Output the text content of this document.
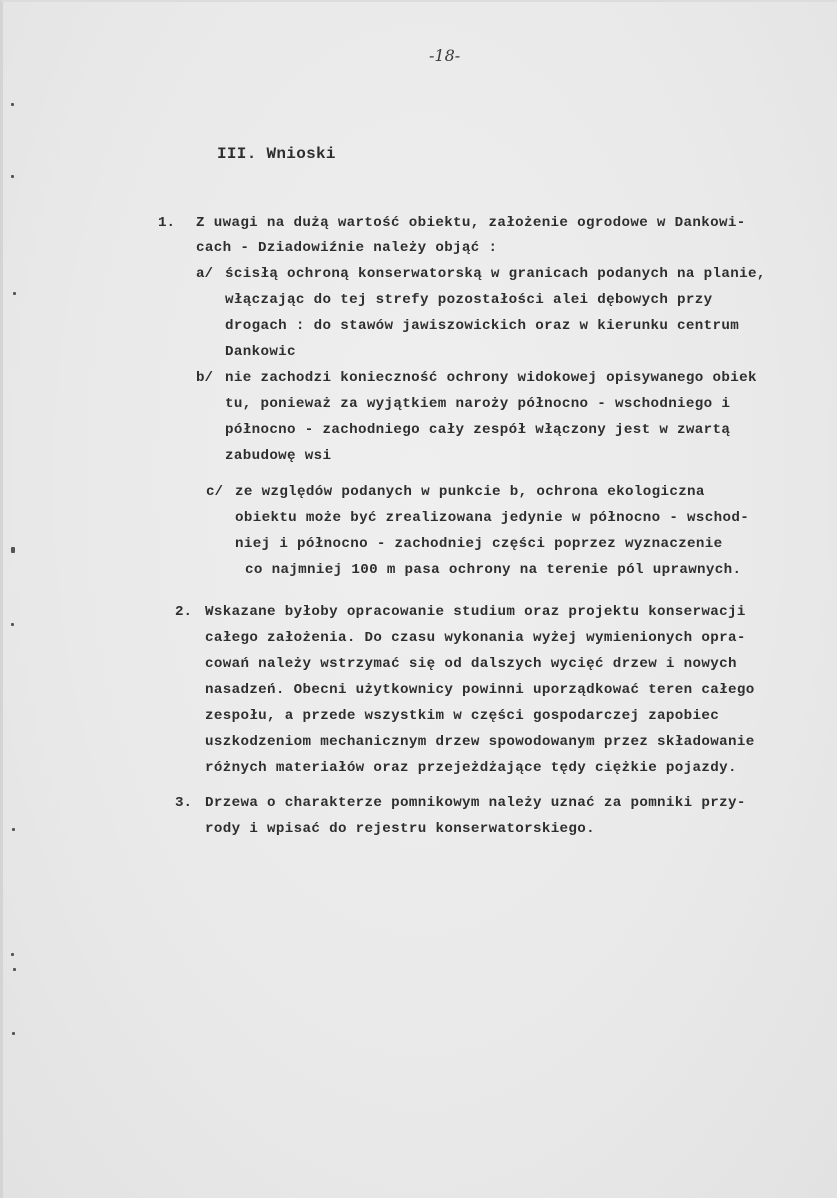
-18-
III. Wnioski
1. Z uwagi na dużą wartość obiektu, założenie ogrodowe w Dankowi-
cach - Dziadowiźnie należy objąć :
a/ ścisłą ochroną konserwatorską w granicach podanych na planie,
włączając do tej strefy pozostałości alei dębowych przy
drogach : do stawów jawiszowickich oraz w kierunku centrum
Dankowic
b/ nie zachodzi konieczność ochrony widokowej opisywanego obiek
tu, ponieważ za wyjątkiem naroży północno - wschodniego i
północno - zachodniego cały zespół włączony jest w zwartą
zabudowę wsi
c/ ze względów podanych w punkcie b, ochrona ekologiczna
obiektu może być zrealizowana jedynie w północno - wschod-
niej i północno - zachodniej części poprzez wyznaczenie
co najmniej 100 m pasa ochrony na terenie pól uprawnych.
2. Wskazane byłoby opracowanie studium oraz projektu konserwacji
całego założenia. Do czasu wykonania wyżej wymienionych opra-
cowań należy wstrzymać się od dalszych wycięć drzew i nowych
nasadzeń. Obecni użytkownicy powinni uporządkować teren całego
zespołu, a przede wszystkim w części gospodarczej zapobiec
uszkodzeniom mechanicznym drzew spowodowanym przez składowanie
różnych materiałów oraz przejeżdżające tędy ciężkie pojazdy.
3. Drzewa o charakterze pomnikowym należy uznać za pomniki przy-
rody i wpisać do rejestru konserwatorskiego.
